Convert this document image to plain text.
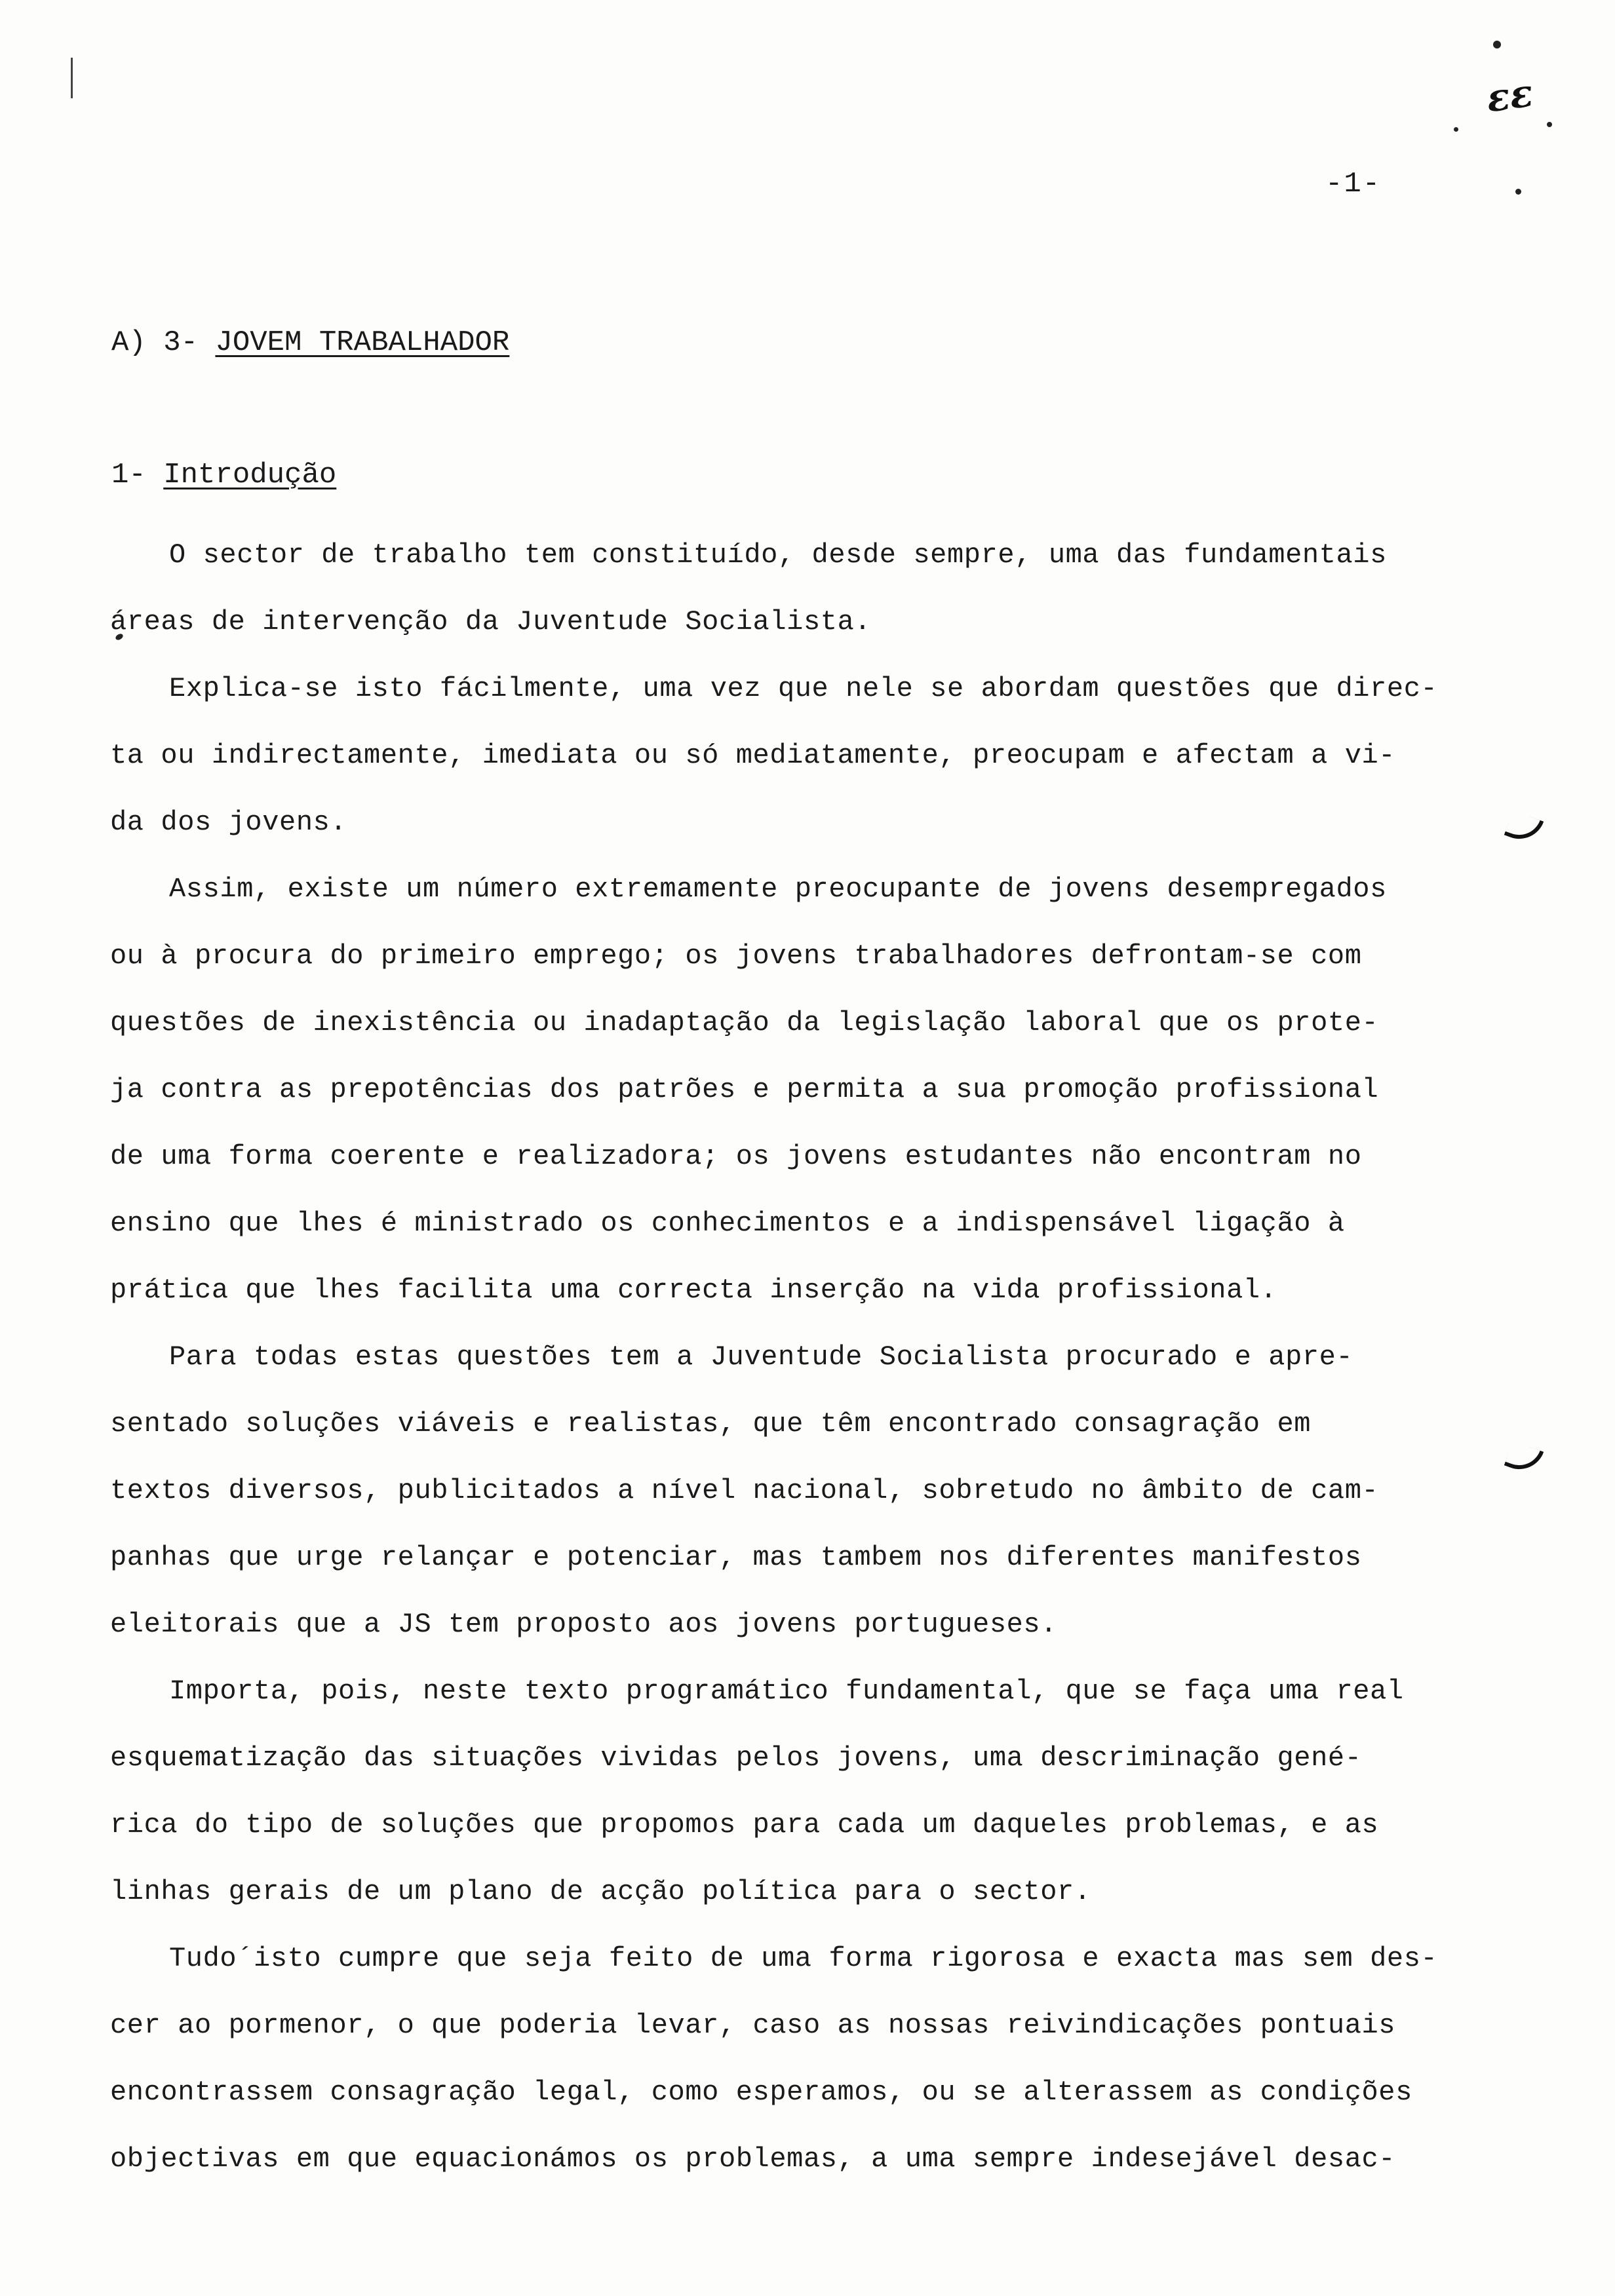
εε
-1-
A) 3- JOVEM TRABALHADOR
1- Introdução
O sector de trabalho tem constituído, desde sempre, uma das fundamentais
áreas de intervenção da Juventude Socialista.
Explica-se isto fácilmente, uma vez que nele se abordam questões que direc-
ta ou indirectamente, imediata ou só mediatamente, preocupam e afectam a vi-
da dos jovens.
Assim, existe um número extremamente preocupante de jovens desempregados
ou à procura do primeiro emprego; os jovens trabalhadores defrontam-se com
questões de inexistência ou inadaptação da legislação laboral que os prote-
ja contra as prepotências dos patrões e permita a sua promoção profissional
de uma forma coerente e realizadora; os jovens estudantes não encontram no
ensino que lhes é ministrado os conhecimentos e a indispensável ligação à
prática que lhes facilita uma correcta inserção na vida profissional.
Para todas estas questões tem a Juventude Socialista procurado e apre-
sentado soluções viáveis e realistas, que têm encontrado consagração em
textos diversos, publicitados a nível nacional, sobretudo no âmbito de cam-
panhas que urge relançar e potenciar, mas tambem nos diferentes manifestos
eleitorais que a JS tem proposto aos jovens portugueses.
Importa, pois, neste texto programático fundamental, que se faça uma real
esquematização das situações vividas pelos jovens, uma descriminação gené-
rica do tipo de soluções que propomos para cada um daqueles problemas, e as
linhas gerais de um plano de acção política para o sector.
Tudo´isto cumpre que seja feito de uma forma rigorosa e exacta mas sem des-
cer ao pormenor, o que poderia levar, caso as nossas reivindicações pontuais
encontrassem consagração legal, como esperamos, ou se alterassem as condições
objectivas em que equacionámos os problemas, a uma sempre indesejável desac-
